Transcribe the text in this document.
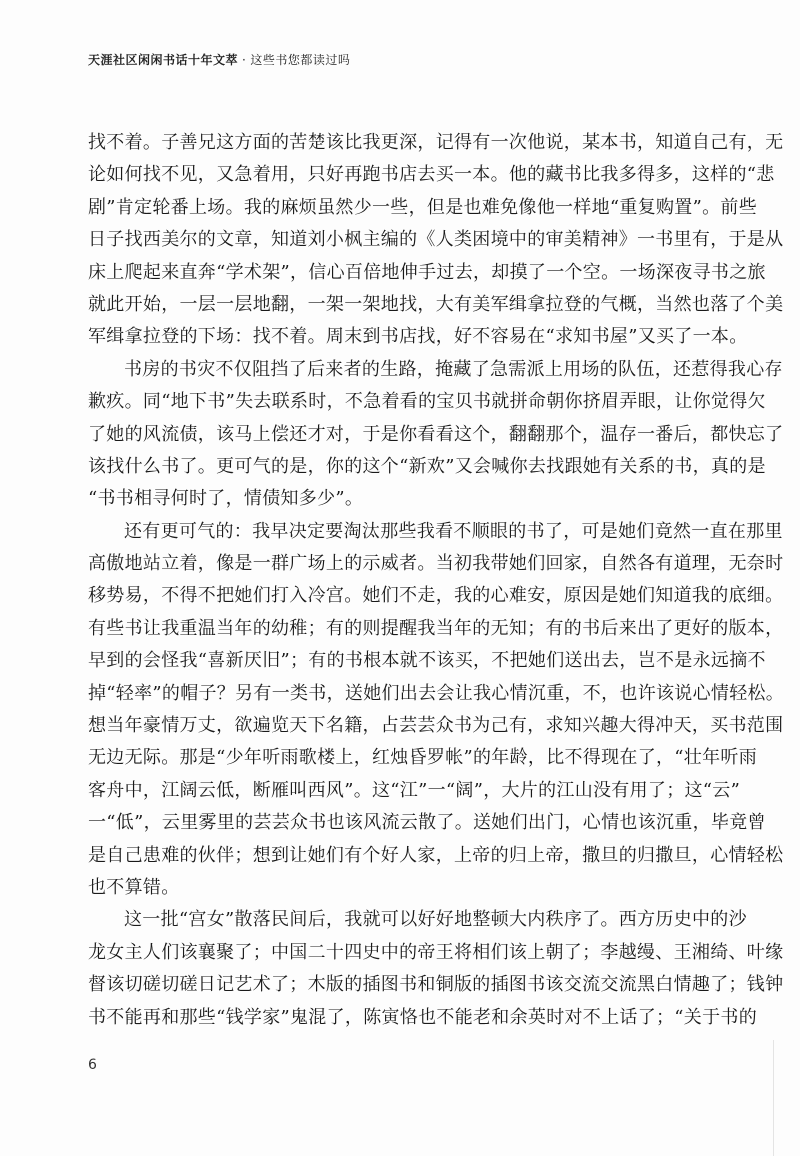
天涯社区闲闲书话十年文萃 · 这些书您都读过吗
找不着。子善兄这方面的苦楚该比我更深，记得有一次他说，某本书，知道自己有，无
论如何找不见，又急着用，只好再跑书店去买一本。他的藏书比我多得多，这样的“悲
剧”肯定轮番上场。我的麻烦虽然少一些，但是也难免像他一样地“重复购置”。前些
日子找西美尔的文章，知道刘小枫主编的《人类困境中的审美精神》一书里有，于是从
床上爬起来直奔“学术架”，信心百倍地伸手过去，却摸了一个空。一场深夜寻书之旅
就此开始，一层一层地翻，一架一架地找，大有美军缉拿拉登的气概，当然也落了个美
军缉拿拉登的下场：找不着。周末到书店找，好不容易在“求知书屋”又买了一本。
书房的书灾不仅阻挡了后来者的生路，掩藏了急需派上用场的队伍，还惹得我心存
歉疚。同“地下书”失去联系时，不急着看的宝贝书就拼命朝你挤眉弄眼，让你觉得欠
了她的风流债，该马上偿还才对，于是你看看这个，翻翻那个，温存一番后，都快忘了
该找什么书了。更可气的是，你的这个“新欢”又会喊你去找跟她有关系的书，真的是
“书书相寻何时了，情债知多少”。
还有更可气的：我早决定要淘汰那些我看不顺眼的书了，可是她们竟然一直在那里
高傲地站立着，像是一群广场上的示威者。当初我带她们回家，自然各有道理，无奈时
移势易，不得不把她们打入冷宫。她们不走，我的心难安，原因是她们知道我的底细。
有些书让我重温当年的幼稚；有的则提醒我当年的无知；有的书后来出了更好的版本，
早到的会怪我“喜新厌旧”；有的书根本就不该买，不把她们送出去，岂不是永远摘不
掉“轻率”的帽子？另有一类书，送她们出去会让我心情沉重，不，也许该说心情轻松。
想当年豪情万丈，欲遍览天下名籍，占芸芸众书为己有，求知兴趣大得冲天，买书范围
无边无际。那是“少年听雨歌楼上，红烛昏罗帐”的年龄，比不得现在了，“壮年听雨
客舟中，江阔云低，断雁叫西风”。这“江”一“阔”，大片的江山没有用了；这“云”
一“低”，云里雾里的芸芸众书也该风流云散了。送她们出门，心情也该沉重，毕竟曾
是自己患难的伙伴；想到让她们有个好人家，上帝的归上帝，撒旦的归撒旦，心情轻松
也不算错。
这一批“宫女”散落民间后，我就可以好好地整顿大内秩序了。西方历史中的沙
龙女主人们该襄聚了；中国二十四史中的帝王将相们该上朝了；李越缦、王湘绮、叶缘
督该切磋切磋日记艺术了；木版的插图书和铜版的插图书该交流交流黑白情趣了；钱钟
书不能再和那些“钱学家”鬼混了，陈寅恪也不能老和余英时对不上话了；“关于书的
6
